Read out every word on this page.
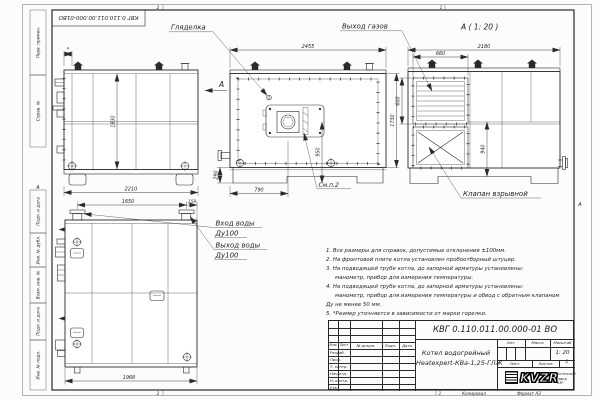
Перв. примен.
Справ. №
Подп. и дата
Инв. № дубл.
Взам. инв. №
Подп. и дата
Инв. № подл.
КВГ 0.110.011.00.000-01ВО
2	1
2	1
А
А
Копировал	Формат А3
1830
2210
*
А
2455
1730
950
790
290
См.п.2
Гляделка
2180
660
600
940
Выход газов	А ( 1: 20 )
Клапан взрывной
1650	159
1968
Вход воды
Ду100
Выход воды
Ду100
1. Все размеры для справок, допустимые отклонения ±100мм.
2. На фронтовой плите котла установлен пробоотборный штуцер.
3. На подводящей трубе котла, до запорной арматуры установлены:
манометр, прибор для измерения температуры.
4. На подводящей трубе котла, до запорной арматуры установлены:
манометр, прибор для измерения температуры и обвод с обратным клапаном
Ду не менее 50 мм.
5. *Размер уточняется в зависимости от марки горелки.
КВГ 0.110.011.00.000-01 ВО
Изм. Лист	№ докум.	Подп.	Дата
Разраб.
Пров.
Т. контр.
Нач.отд.
Н. контр.
Утв.
Котел водогрейный
Heatexpert-КВа-1,25-ГЛЖ
Лит.	Масса	Масштаб
1: 20
Лист	Листов	1
KVZR
Котельный
завод КЗР
